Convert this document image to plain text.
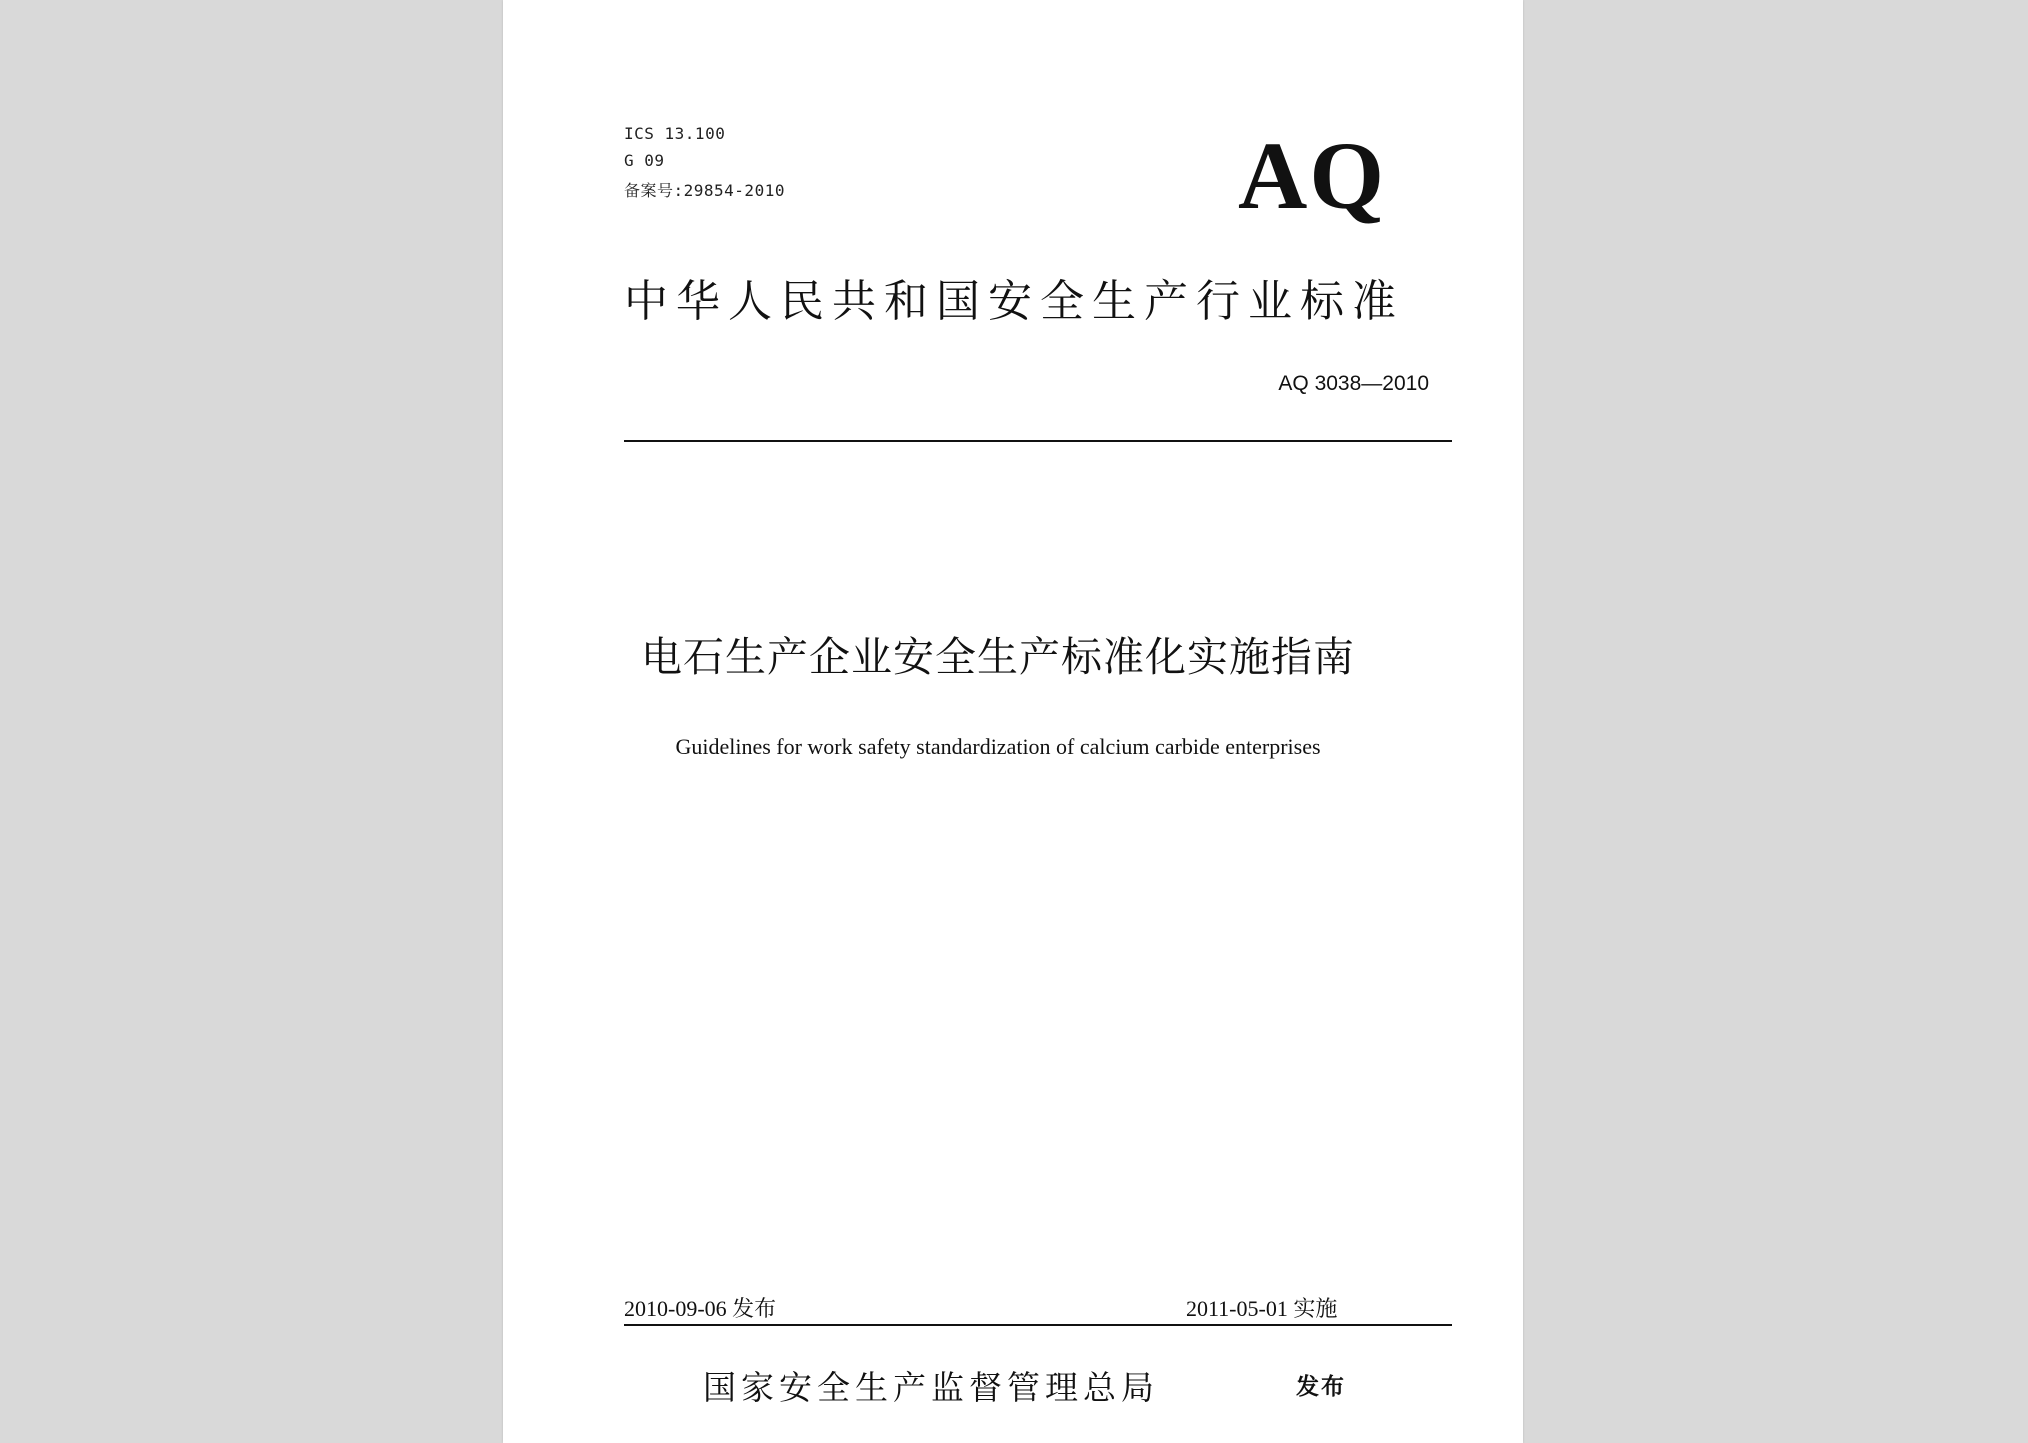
ICS 13.100
G 09
备案号:29854-2010	AQ
中华人民共和国安全生产行业标准
AQ 3038—2010
电石生产企业安全生产标准化实施指南
Guidelines for work safety standardization of calcium carbide enterprises
2010-09-06 发布	2011-05-01 实施
国家安全生产监督管理总局	发布
